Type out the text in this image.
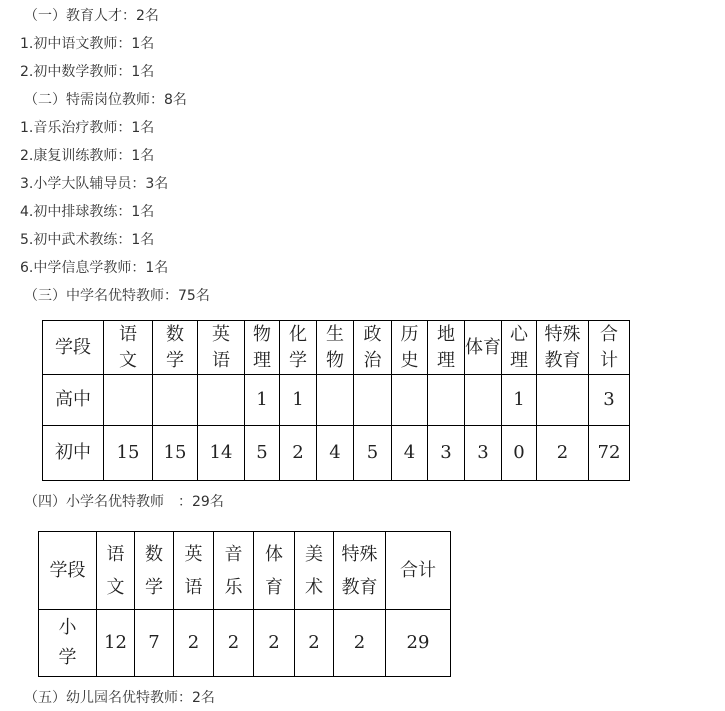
（一）教育人才：2名
1.初中语文教师：1名
2.初中数学教师：1名
（二）特需岗位教师：8名
1.音乐治疗教师：1名
2.康复训练教师：1名
3.小学大队辅导员：3名
4.初中排球教练：1名
5.初中武术教练：1名
6.中学信息学教师：1名
（三）中学名优特教师：75名
学段	语文	数学	英语	物理	化学	生物	政治	历史	地理	体育	心理	特殊教育	合计
高中				1	1						1		3
初中	15	15	14	5	2	4	5	4	3	3	0	2	72
（四）小学名优特教师　：29名
学段	语文	数学	英语	音乐	体育	美术	特殊教育	合计
小学	12	7	2	2	2	2	2	29
（五）幼儿园名优特教师：2名
